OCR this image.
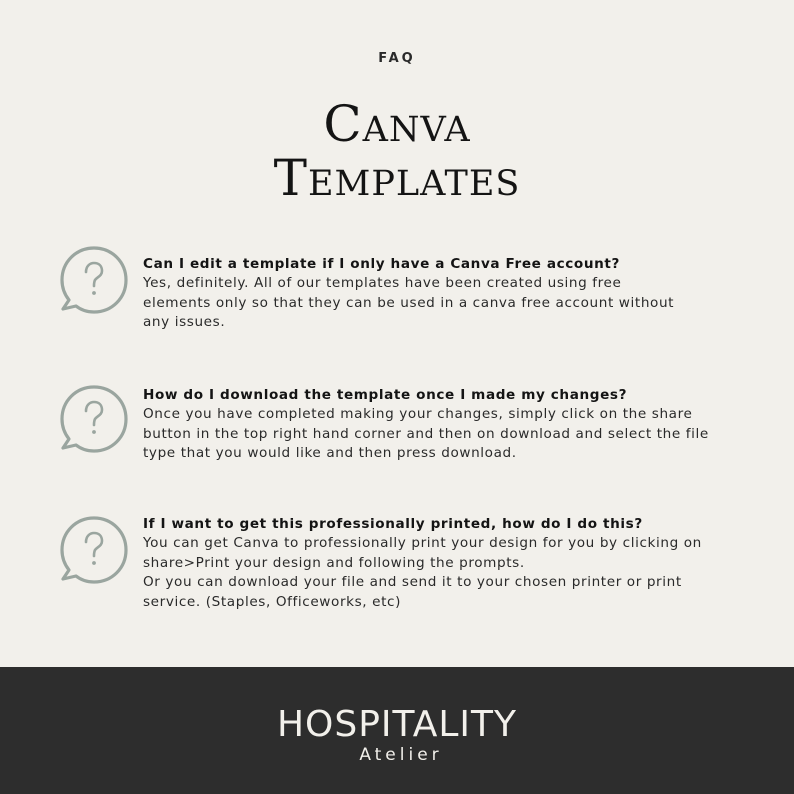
FAQ
Canva
Templates
Can I edit a template if I only have a Canva Free account?
Yes, definitely. All of our templates have been created using free
elements only so that they can be used in a canva free account without
any issues.
How do I download the template once I made my changes?
Once you have completed making your changes, simply click on the share
button in the top right hand corner and then on download and select the file
type that you would like and then press download.
If I want to get this professionally printed, how do I do this?
You can get Canva to professionally print your design for you by clicking on
share>Print your design and following the prompts.
Or you can download your file and send it to your chosen printer or print
service. (Staples, Officeworks, etc)
HOSPITALITY
Atelier
